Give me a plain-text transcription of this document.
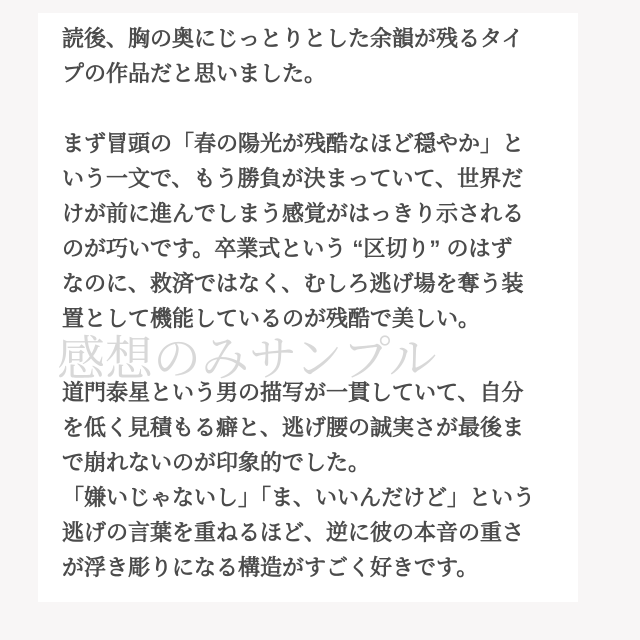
感想のみサンプル
読後、胸の奥にじっとりとした余韻が残るタイ
プの作品だと思いました。
まず冒頭の「春の陽光が残酷なほど穏やか」と
いう一文で、もう勝負が決まっていて、世界だ
けが前に進んでしまう感覚がはっきり示される
のが巧いです。卒業式という “区切り” のはず
なのに、救済ではなく、むしろ逃げ場を奪う装
置として機能しているのが残酷で美しい。
道門泰星という男の描写が一貫していて、自分
を低く見積もる癖と、逃げ腰の誠実さが最後ま
で崩れないのが印象的でした。
「嫌いじゃないし」「ま、いいんだけど」という
逃げの言葉を重ねるほど、逆に彼の本音の重さ
が浮き彫りになる構造がすごく好きです。
